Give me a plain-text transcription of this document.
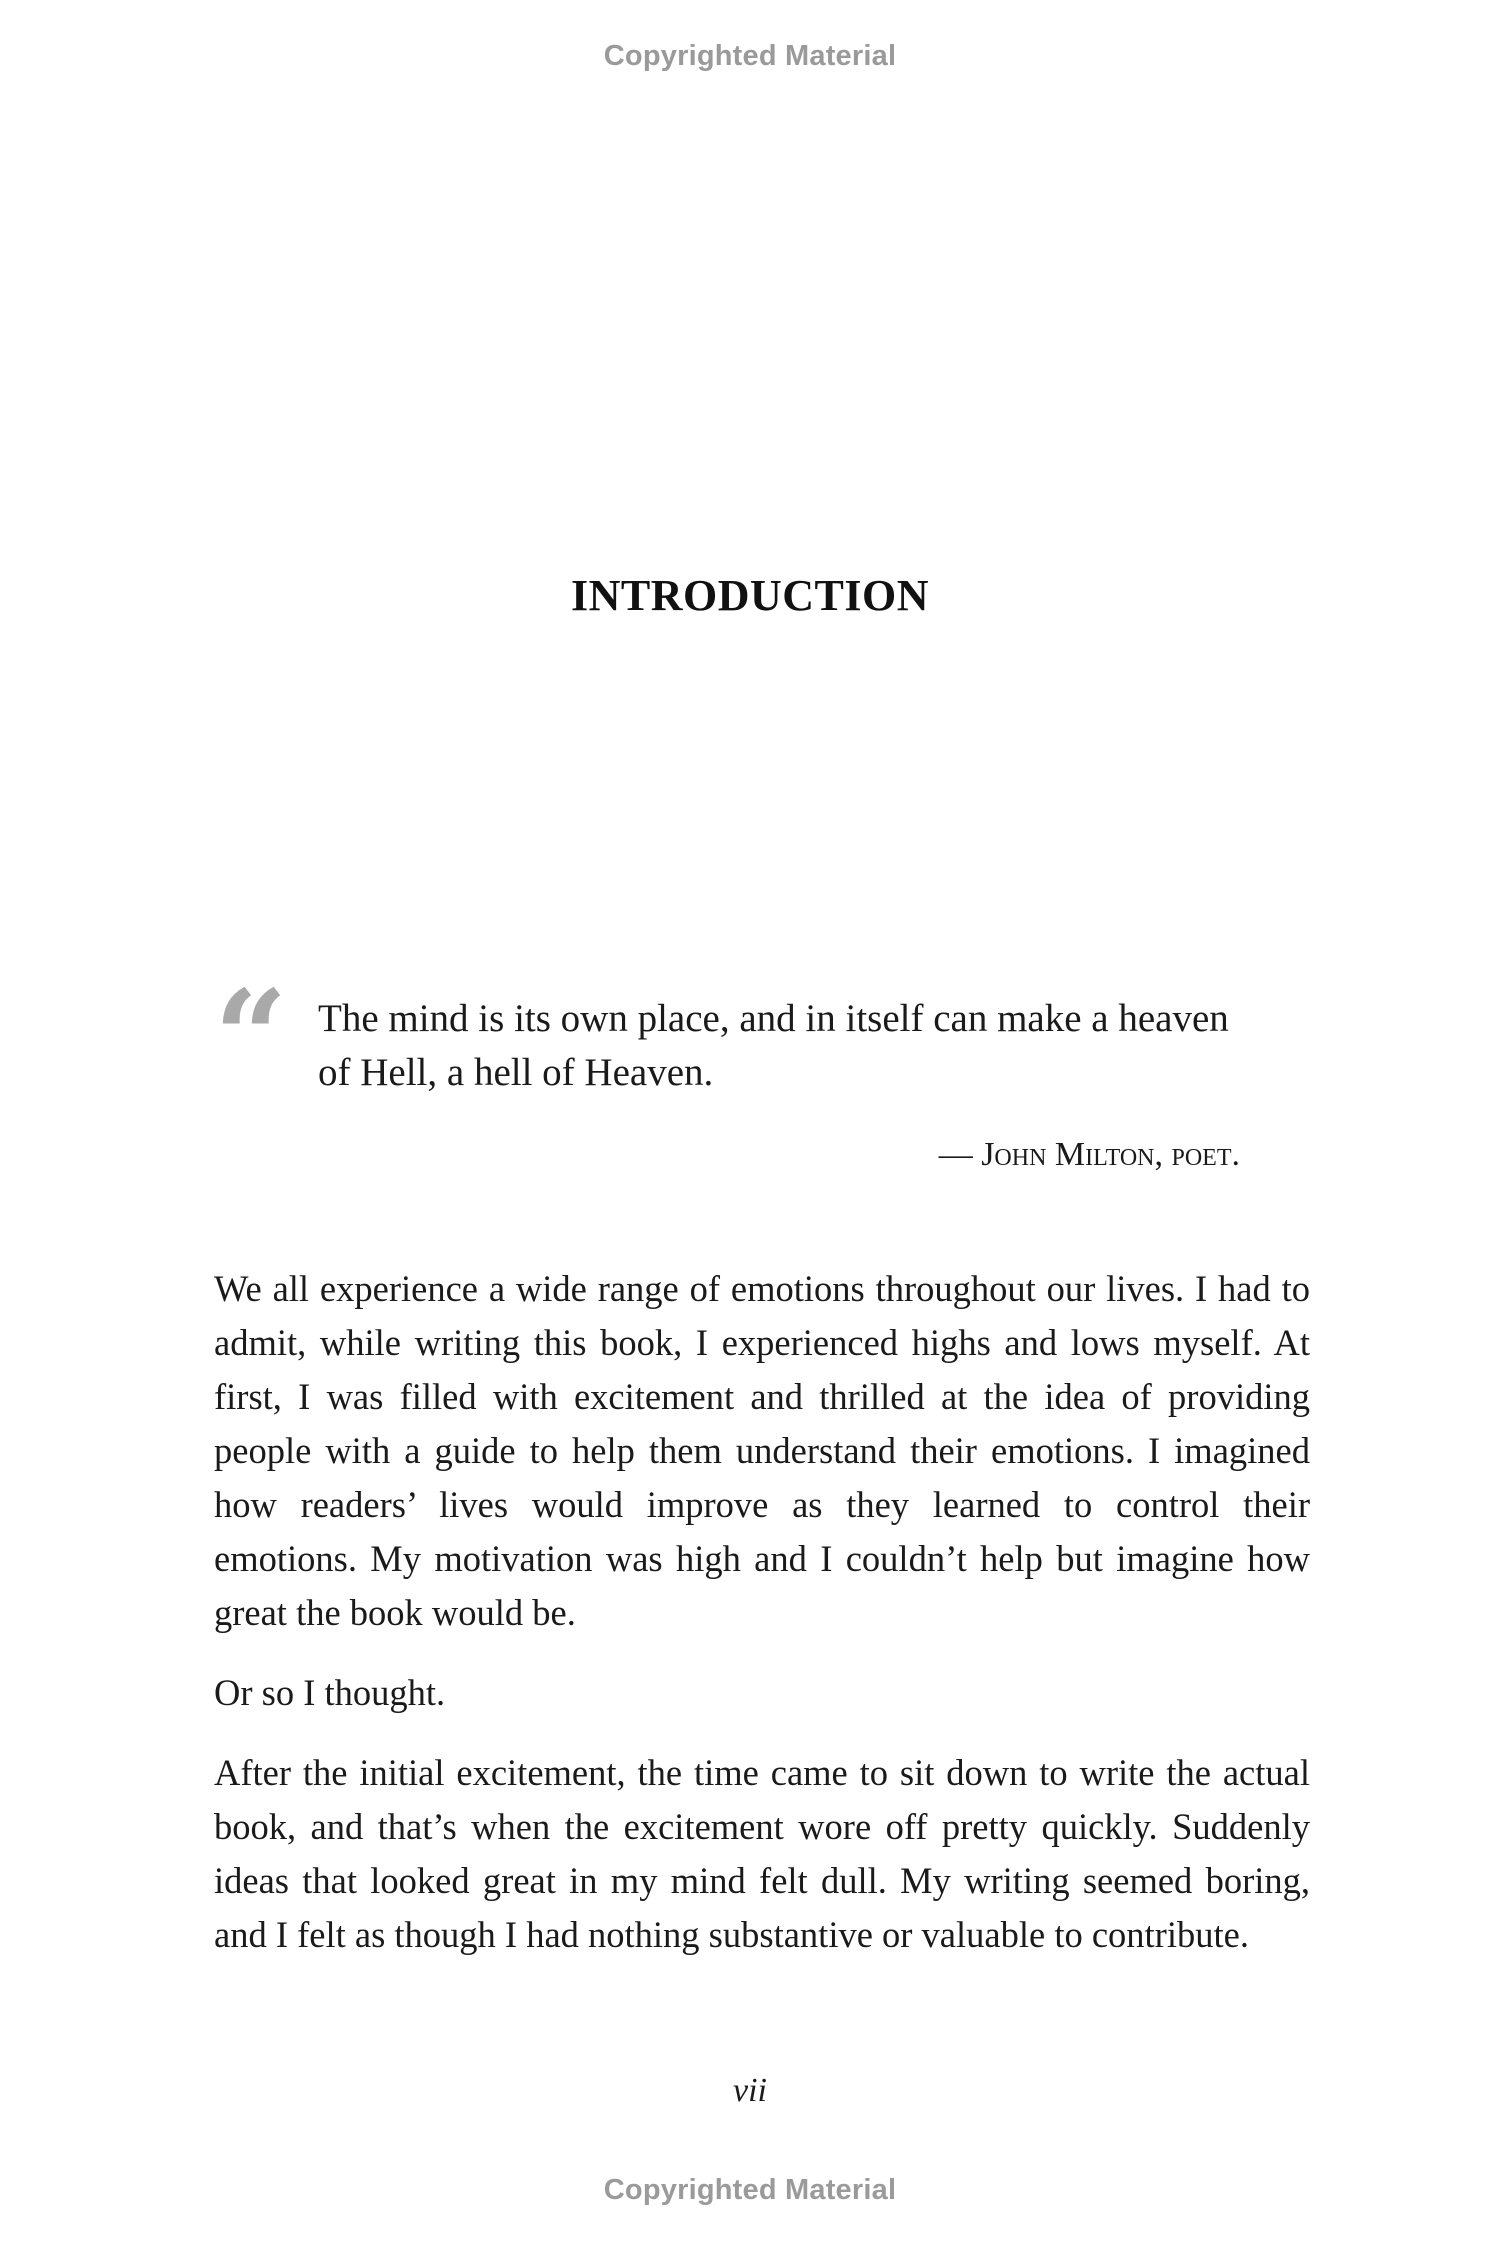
Copyrighted Material
INTRODUCTION
“ The mind is its own place, and in itself can make a heaven of Hell, a hell of Heaven.
— John Milton, poet.

We all experience a wide range of emotions throughout our lives. I had to admit, while writing this book, I experienced highs and lows myself. At first, I was filled with excitement and thrilled at the idea of providing people with a guide to help them understand their emotions. I imagined how readers’ lives would improve as they learned to control their emotions. My motivation was high and I couldn’t help but imagine how great the book would be.

Or so I thought.

After the initial excitement, the time came to sit down to write the actual book, and that’s when the excitement wore off pretty quickly. Suddenly ideas that looked great in my mind felt dull. My writing seemed boring, and I felt as though I had nothing substantive or valuable to contribute.

vii
Copyrighted Material
